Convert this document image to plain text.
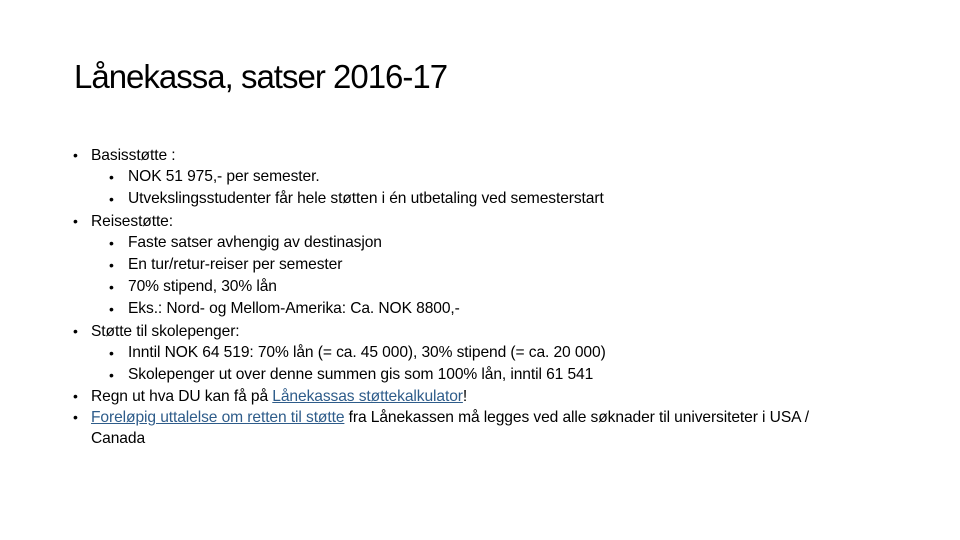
Lånekassa, satser 2016-17
• Basisstøtte :
• NOK 51 975,- per semester.
• Utvekslingsstudenter får hele støtten i én utbetaling ved semesterstart
• Reisestøtte:
• Faste satser avhengig av destinasjon
• En tur/retur-reiser per semester
• 70% stipend, 30% lån
• Eks.: Nord- og Mellom-Amerika: Ca. NOK 8800,-
• Støtte til skolepenger:
• Inntil NOK 64 519: 70% lån (= ca. 45 000), 30% stipend (= ca. 20 000)
• Skolepenger ut over denne summen gis som 100% lån, inntil 61 541
• Regn ut hva DU kan få på Lånekassas støttekalkulator!
• Foreløpig uttalelse om retten til støtte fra Lånekassen må legges ved alle søknader til universiteter i USA / Canada
